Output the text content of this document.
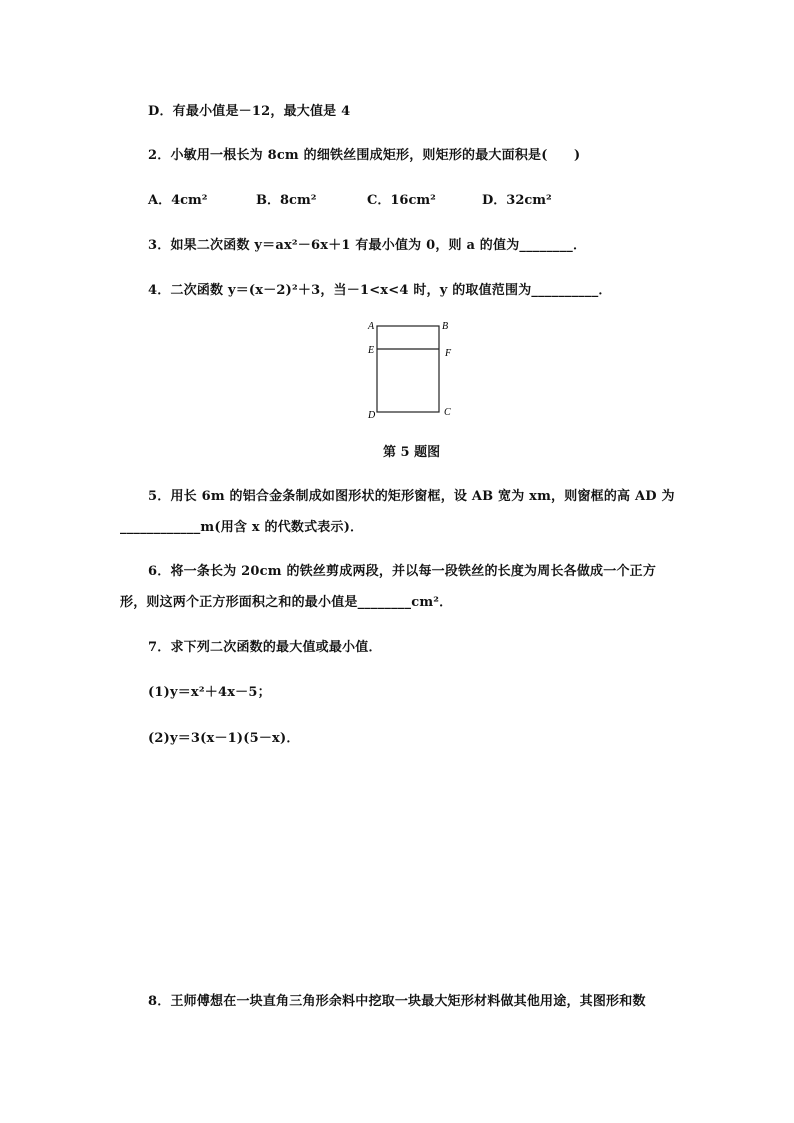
D．有最小值是－12，最大值是 4
2．小敏用一根长为 8cm 的细铁丝围成矩形，则矩形的最大面积是(　　)
A．4cm²	B．8cm²	C．16cm²	D．32cm²
3．如果二次函数 y＝ax²－6x＋1 有最小值为 0，则 a 的值为________．
4．二次函数 y＝(x－2)²＋3，当－1<x<4 时，y 的取值范围为__________．
A	B
E	F
D	C
第 5 题图
5．用长 6m 的铝合金条制成如图形状的矩形窗框，设 AB 宽为 xm，则窗框的高 AD 为
____________m(用含 x 的代数式表示)．
6．将一条长为 20cm 的铁丝剪成两段，并以每一段铁丝的长度为周长各做成一个正方
形，则这两个正方形面积之和的最小值是________cm²．
7．求下列二次函数的最大值或最小值．
(1)y＝x²＋4x－5；
(2)y＝3(x－1)(5－x)．
8．王师傅想在一块直角三角形余料中挖取一块最大矩形材料做其他用途，其图形和数
